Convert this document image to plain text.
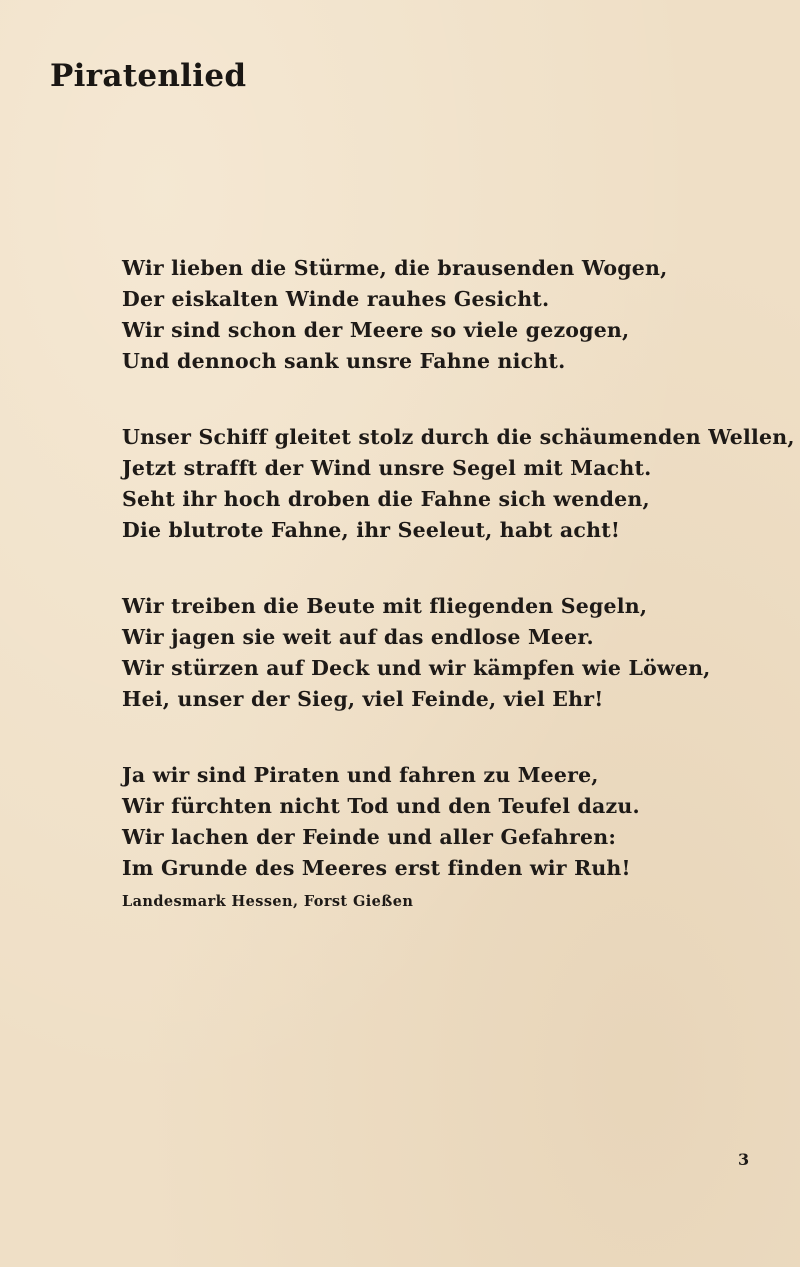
Piratenlied
Wir lieben die Stürme, die brausenden Wogen,
Der eiskalten Winde rauhes Gesicht.
Wir sind schon der Meere so viele gezogen,
Und dennoch sank unsre Fahne nicht.
Unser Schiff gleitet stolz durch die schäumenden Wellen,
Jetzt strafft der Wind unsre Segel mit Macht.
Seht ihr hoch droben die Fahne sich wenden,
Die blutrote Fahne, ihr Seeleut, habt acht!
Wir treiben die Beute mit fliegenden Segeln,
Wir jagen sie weit auf das endlose Meer.
Wir stürzen auf Deck und wir kämpfen wie Löwen,
Hei, unser der Sieg, viel Feinde, viel Ehr!
Ja wir sind Piraten und fahren zu Meere,
Wir fürchten nicht Tod und den Teufel dazu.
Wir lachen der Feinde und aller Gefahren:
Im Grunde des Meeres erst finden wir Ruh!
Landesmark Hessen, Forst Gießen
3
